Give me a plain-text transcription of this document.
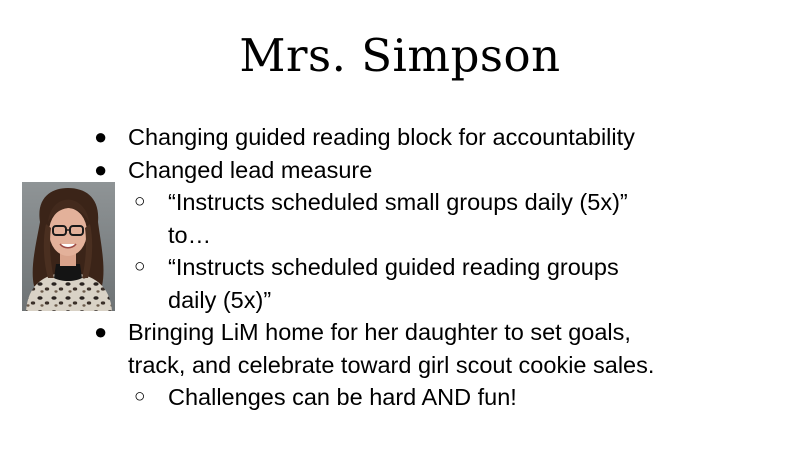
Mrs. Simpson
● Changing guided reading block for accountability
● Changed lead measure
○ “Instructs scheduled small groups daily (5x)”
to…
○ “Instructs scheduled guided reading groups
daily (5x)”
● Bringing LiM home for her daughter to set goals,
track, and celebrate toward girl scout cookie sales.
○ Challenges can be hard AND fun!
